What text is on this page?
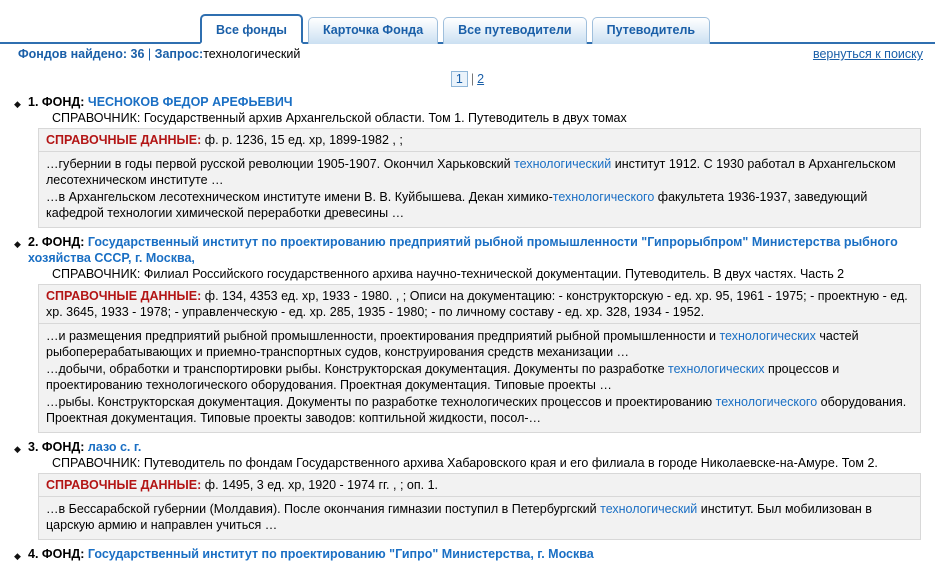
Все фонды	Карточка Фонда	Все путеводители	Путеводитель
Фондов найдено: 36 | Запрос:технологический	вернуться к поиску
1 | 2
◆ 1. ФОНД: ЧЕСНОКОВ ФЕДОР АРЕФЬЕВИЧ
СПРАВОЧНИК: Государственный архив Архангельской области. Том 1. Путеводитель в двух томах
СПРАВОЧНЫЕ ДАННЫЕ: ф. р. 1236, 15 ед. хр, 1899-1982 , ;
…губернии в годы первой русской революции 1905-1907. Окончил Харьковский технологический институт 1912. С 1930 работал в Архангельском лесотехническом институте …
…в Архангельском лесотехническом институте имени В. В. Куйбышева. Декан химико-технологического факультета 1936-1937, заведующий кафедрой технологии химической переработки древесины …
◆ 2. ФОНД: Государственный институт по проектированию предприятий рыбной промышленности "Гипрорыбпром" Министерства рыбного хозяйства СССР, г. Москва,
СПРАВОЧНИК: Филиал Российского государственного архива научно-технической документации. Путеводитель. В двух частях. Часть 2
СПРАВОЧНЫЕ ДАННЫЕ: ф. 134, 4353 ед. хр, 1933 - 1980. , ; Описи на документацию: - конструкторскую - ед. хр. 95, 1961 - 1975; - проектную - ед. хр. 3645, 1933 - 1978; - управленческую - ед. хр. 285, 1935 - 1980; - по личному составу - ед. хр. 328, 1934 - 1952.
…и размещения предприятий рыбной промышленности, проектирования предприятий рыбной промышленности и технологических частей рыбоперерабатывающих и приемно-транспортных судов, конструирования средств механизации …
…добычи, обработки и транспортировки рыбы. Конструкторская документация. Документы по разработке технологических процессов и проектированию технологического оборудования. Проектная документация. Типовые проекты …
…рыбы. Конструкторская документация. Документы по разработке технологических процессов и проектированию технологического оборудования. Проектная документация. Типовые проекты заводов: коптильной жидкости, посол-…
◆ 3. ФОНД: лазо с. г.
СПРАВОЧНИК: Путеводитель по фондам Государственного архива Хабаровского края и его филиала в городе Николаевске-на-Амуре. Том 2.
СПРАВОЧНЫЕ ДАННЫЕ: ф. 1495, 3 ед. хр, 1920 - 1974 гг. , ; оп. 1.
…в Бессарабской губернии (Молдавия). После окончания гимназии поступил в Петербургский технологический институт. Был мобилизован в царскую армию и направлен учиться …
◆ 4. ФОНД: Государственный институт по проектированию "Гипро" Министерства, г. Москва
